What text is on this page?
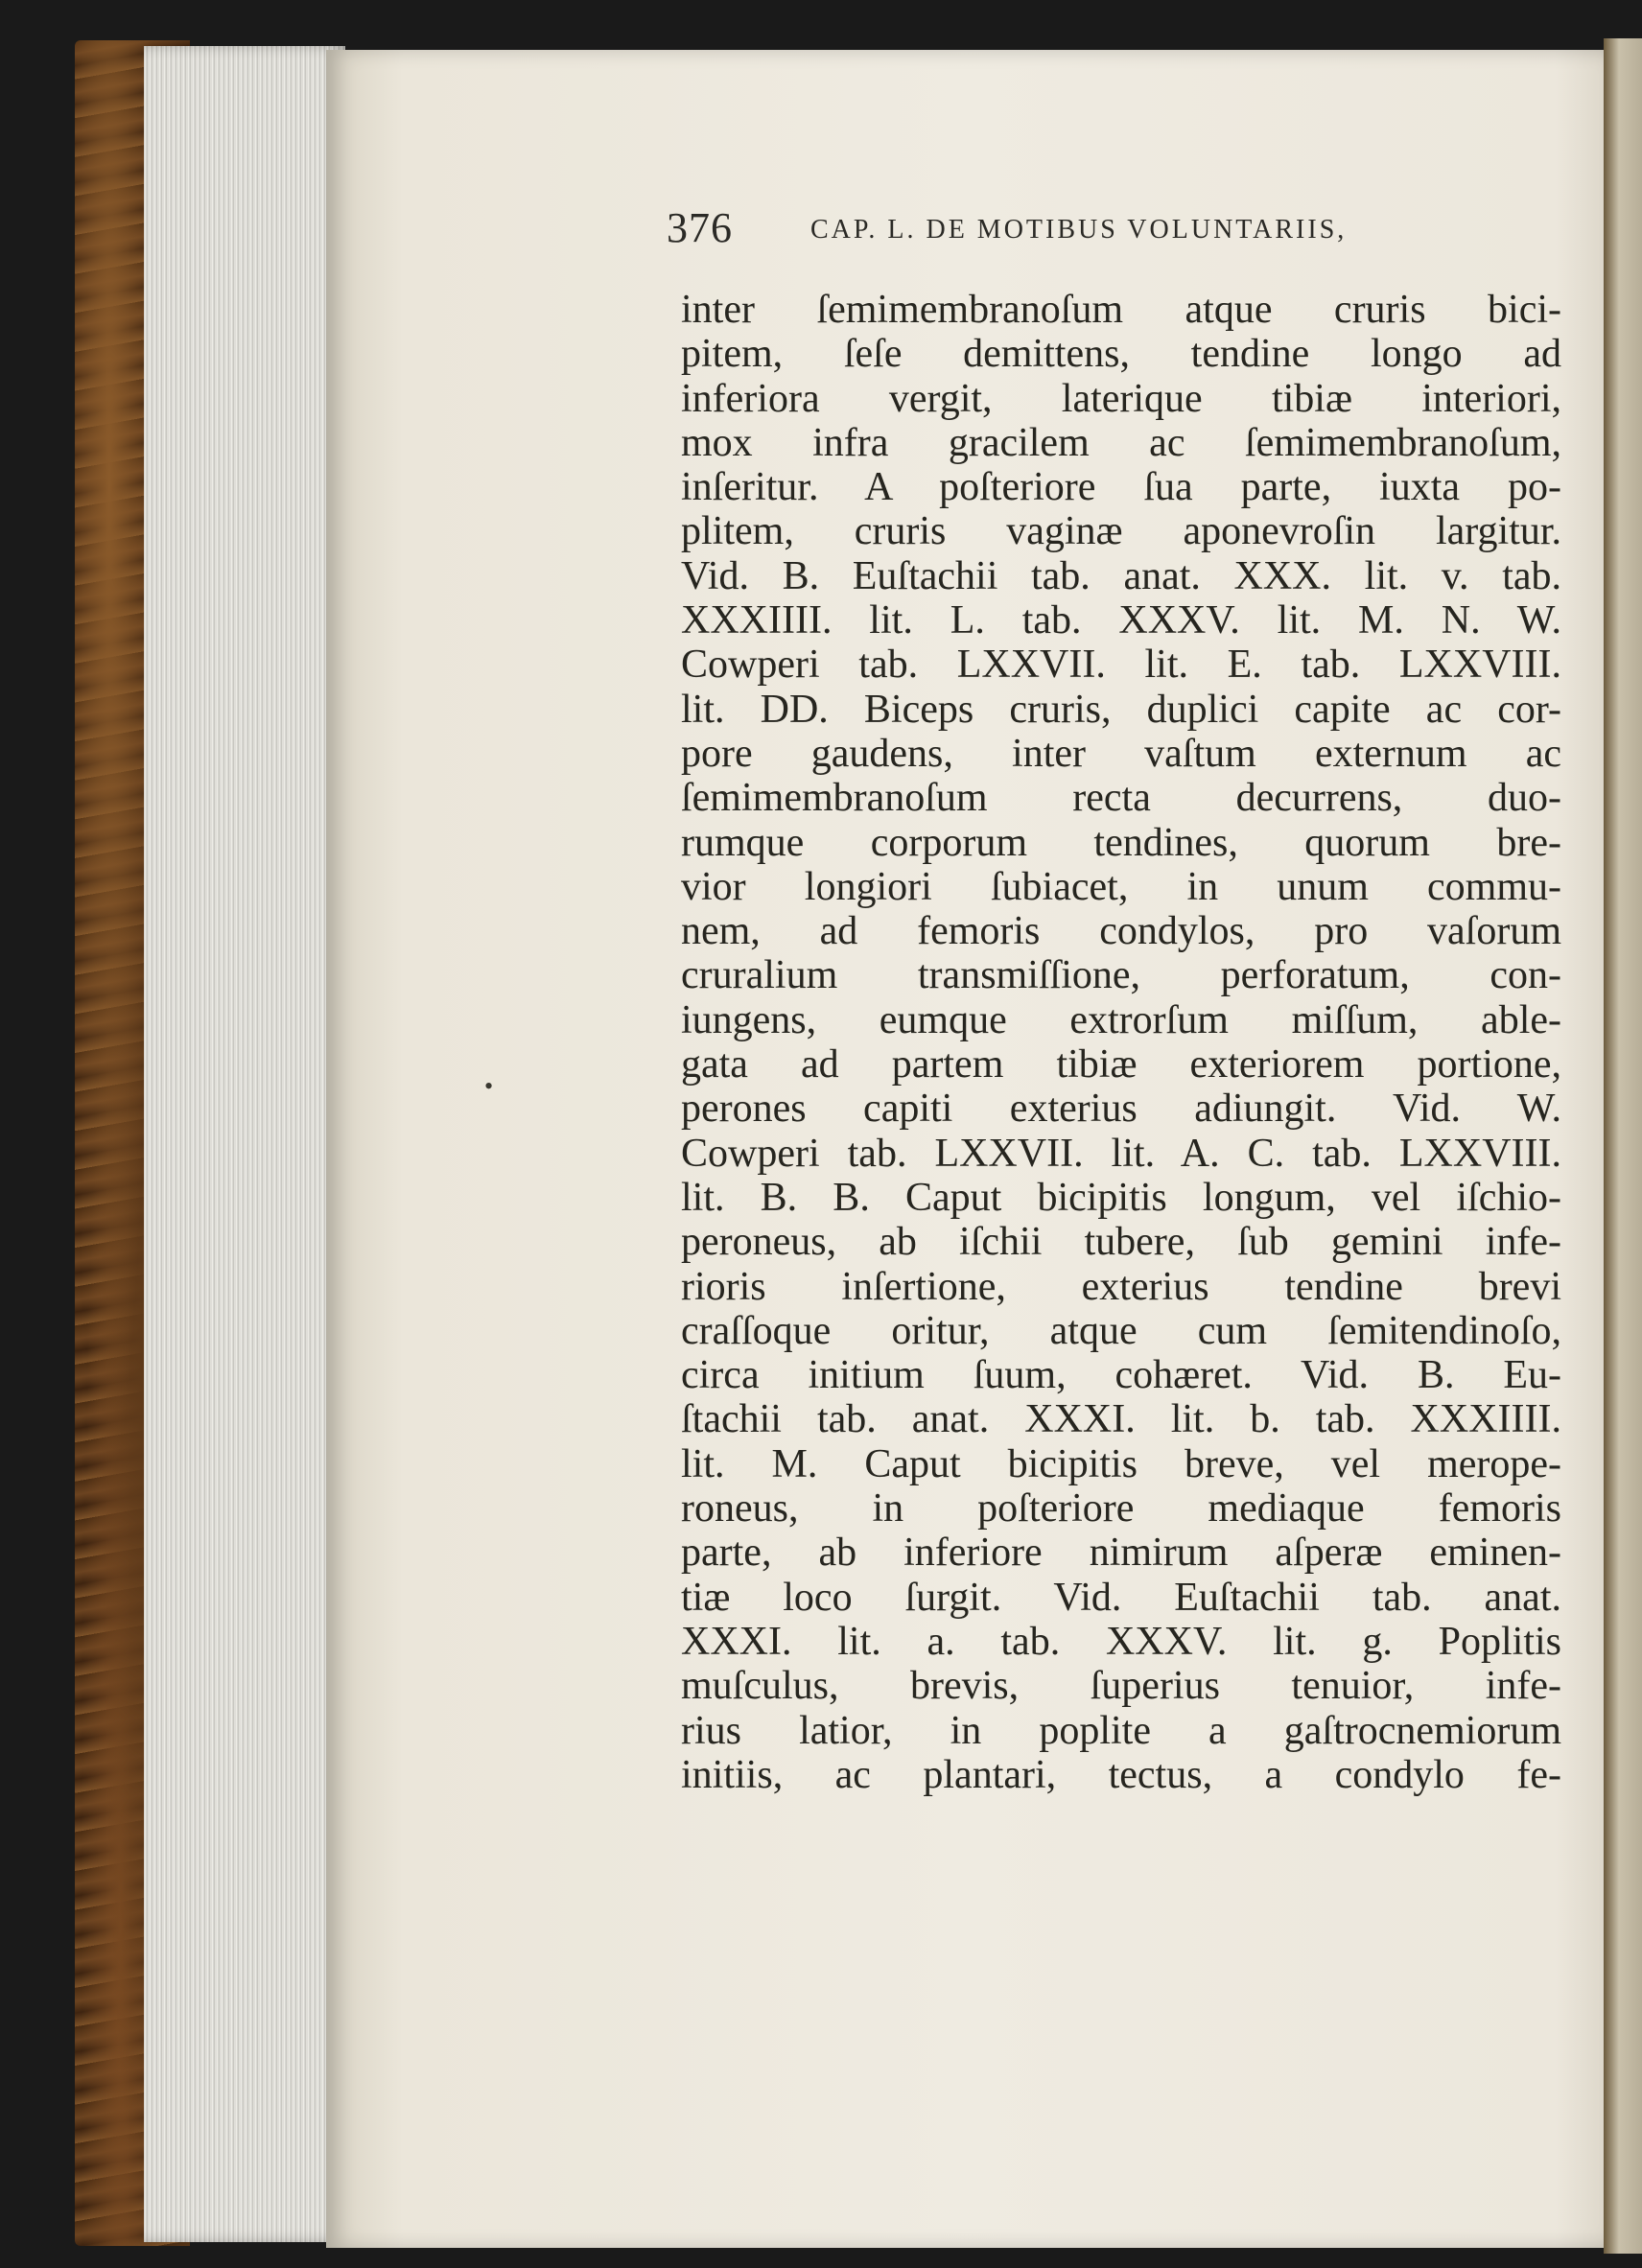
376	CAP. L. DE MOTIBUS VOLUNTARIIS,
•
inter ſemimembranoſum atque cruris bici-
pitem, ſeſe demittens, tendine longo ad
inferiora vergit, laterique tibiæ interiori,
mox infra gracilem ac ſemimembranoſum,
inſeritur. A poſteriore ſua parte, iuxta po-
plitem, cruris vaginæ aponevroſin largitur.
Vid. B. Euſtachii tab. anat. XXX. lit. v. tab.
XXXIIII. lit. L. tab. XXXV. lit. M. N. W.
Cowperi tab. LXXVII. lit. E. tab. LXXVIII.
lit. DD. Biceps cruris, duplici capite ac cor-
pore gaudens, inter vaſtum externum ac
ſemimembranoſum recta decurrens, duo-
rumque corporum tendines, quorum bre-
vior longiori ſubiacet, in unum commu-
nem, ad femoris condylos, pro vaſorum
cruralium transmiſſione, perforatum, con-
iungens, eumque extrorſum miſſum, able-
gata ad partem tibiæ exteriorem portione,
perones capiti exterius adiungit. Vid. W.
Cowperi tab. LXXVII. lit. A. C. tab. LXXVIII.
lit. B. B. Caput bicipitis longum, vel iſchio-
peroneus, ab iſchii tubere, ſub gemini infe-
rioris inſertione, exterius tendine brevi
craſſoque oritur, atque cum ſemitendinoſo,
circa initium ſuum, cohæret. Vid. B. Eu-
ſtachii tab. anat. XXXI. lit. b. tab. XXXIIII.
lit. M. Caput bicipitis breve, vel merope-
roneus, in poſteriore mediaque femoris
parte, ab inferiore nimirum aſperæ eminen-
tiæ loco ſurgit. Vid. Euſtachii tab. anat.
XXXI. lit. a. tab. XXXV. lit. g. Poplitis
muſculus, brevis, ſuperius tenuior, infe-
rius latior, in poplite a gaſtrocnemiorum
initiis, ac plantari, tectus, a condylo fe-
